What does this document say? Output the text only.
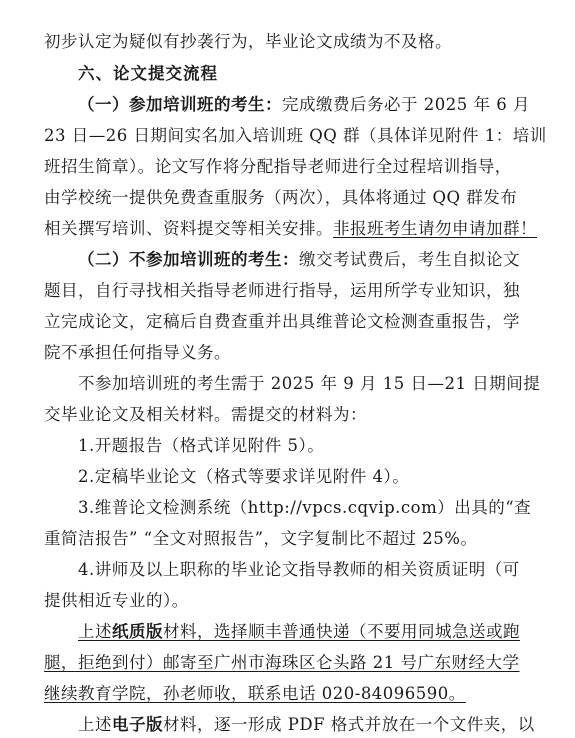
初步认定为疑似有抄袭行为，毕业论文成绩为不及格。
六、论文提交流程
（一）参加培训班的考生：完成缴费后务必于 2025 年 6 月
23 日—26 日期间实名加入培训班 QQ 群（具体详见附件 1：培训
班招生简章）。论文写作将分配指导老师进行全过程培训指导，
由学校统一提供免费查重服务（两次），具体将通过 QQ 群发布
相关撰写培训、资料提交等相关安排。非报班考生请勿申请加群！
（二）不参加培训班的考生：缴交考试费后，考生自拟论文
题目，自行寻找相关指导老师进行指导，运用所学专业知识，独
立完成论文，定稿后自费查重并出具维普论文检测查重报告，学
院不承担任何指导义务。
不参加培训班的考生需于 2025 年 9 月 15 日—21 日期间提
交毕业论文及相关材料。需提交的材料为：
1.开题报告（格式详见附件 5）。
2.定稿毕业论文（格式等要求详见附件 4）。
3.维普论文检测系统（http://vpcs.cqvip.com）出具的“查
重简洁报告” “全文对照报告”，文字复制比不超过 25%。
4.讲师及以上职称的毕业论文指导教师的相关资质证明（可
提供相近专业的）。
上述纸质版材料，选择顺丰普通快递（不要用同城急送或跑
腿，拒绝到付）邮寄至广州市海珠区仑头路 21 号广东财经大学
继续教育学院，孙老师收，联系电话 020-84096590。
上述电子版材料，逐一形成 PDF 格式并放在一个文件夹，以
